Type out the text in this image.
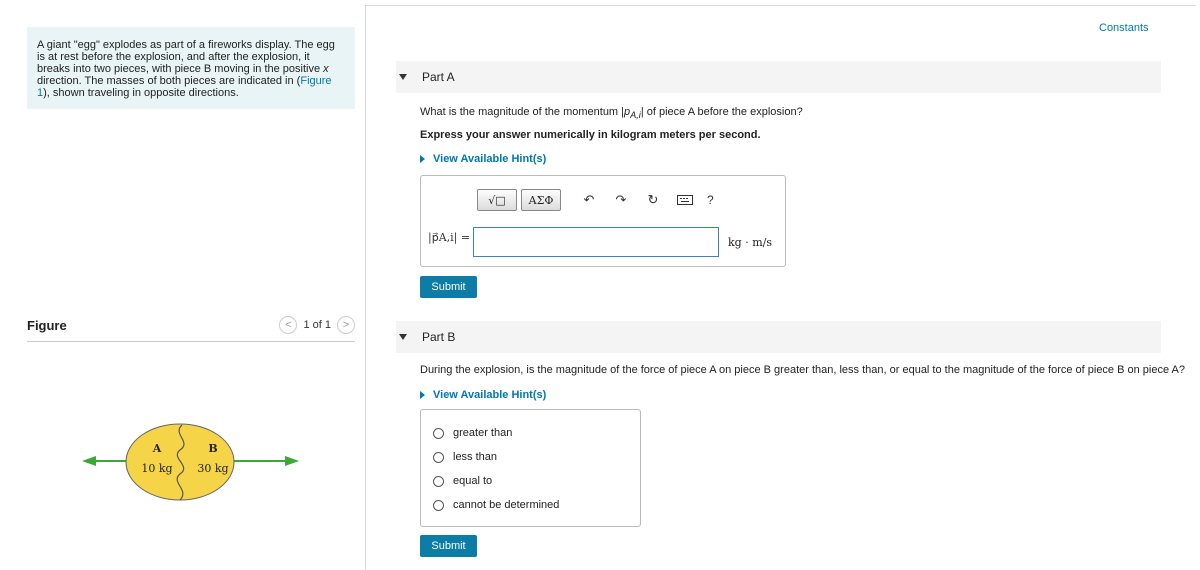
A giant "egg" explodes as part of a fireworks display. The egg is at rest before the explosion, and after the explosion, it breaks into two pieces, with piece B moving in the positive x direction. The masses of both pieces are indicated in (Figure 1), shown traveling in opposite directions.
Figure	< 1 of 1 >
A	B
10 kg 30 kg
Constants
Part A
What is the magnitude of the momentum $|p_{A,i}|$ of piece A before the explosion?
Express your answer numerically in kilogram meters per second.
View Available Hint(s)
√□	ΑΣΦ	↶	↷	↻	?
|p⃗A,i| =	kg · m/s
Submit
Part B
During the explosion, is the magnitude of the force of piece A on piece B greater than, less than, or equal to the magnitude of the force of piece B on piece A?
View Available Hint(s)
greater than
less than
equal to
cannot be determined
Submit
